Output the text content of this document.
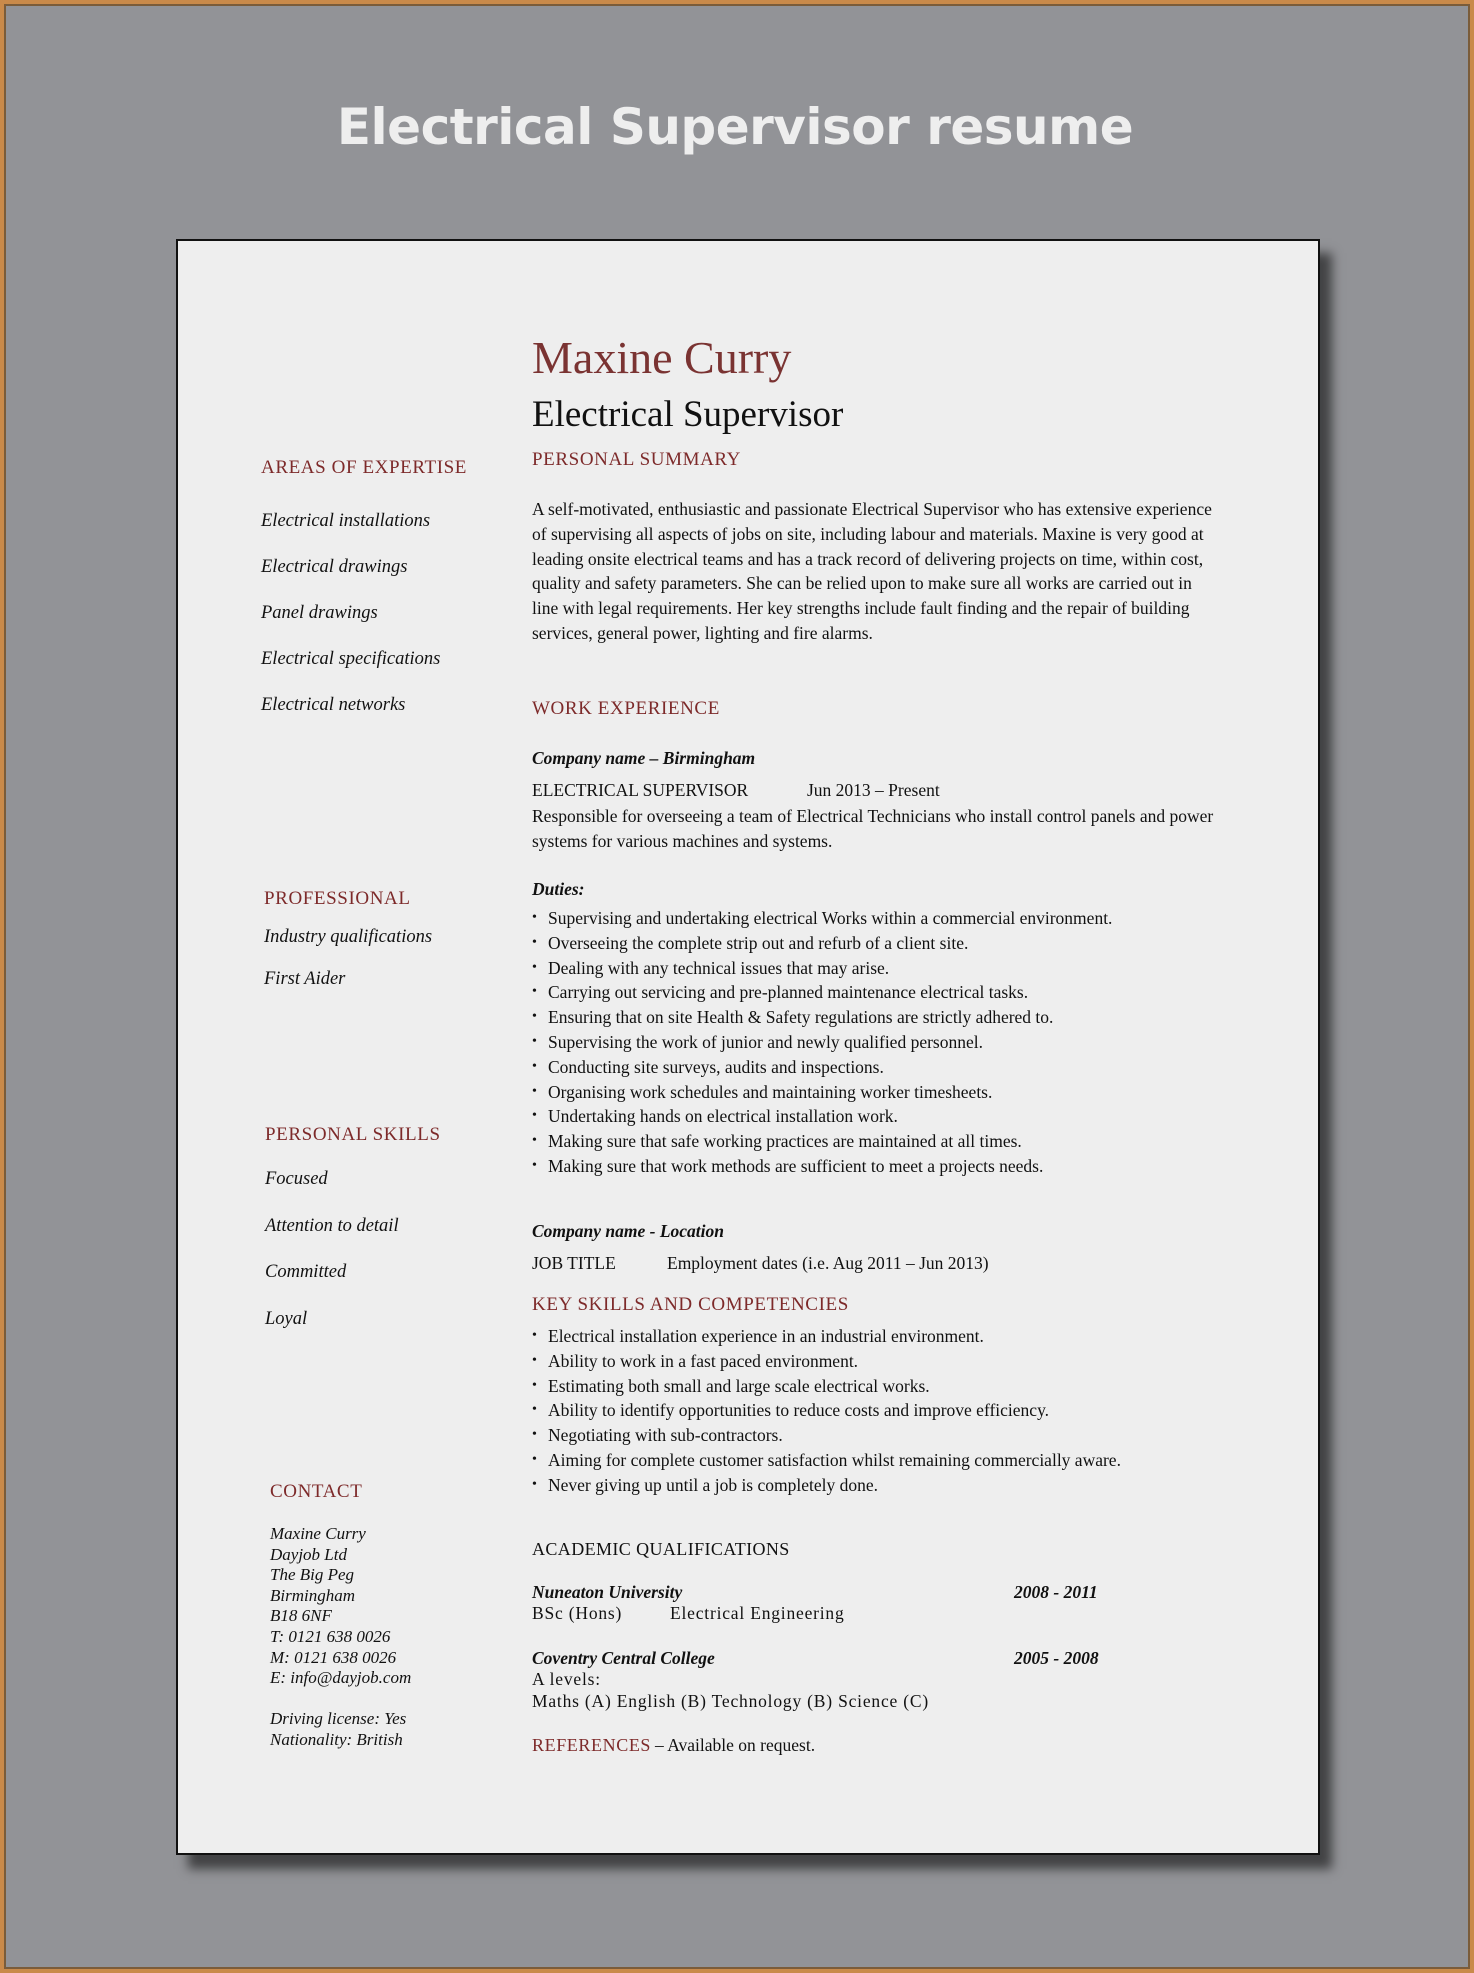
Electrical Supervisor resume
Maxine Curry
Electrical Supervisor
AREAS OF EXPERTISE
Electrical installations
Electrical drawings
Panel drawings
Electrical specifications
Electrical networks
PROFESSIONAL
Industry qualifications
First Aider
PERSONAL SKILLS
Focused
Attention to detail
Committed
Loyal
CONTACT
Maxine Curry
Dayjob Ltd
The Big Peg
Birmingham
B18 6NF
T: 0121 638 0026
M: 0121 638 0026
E: info@dayjob.com
Driving license: Yes
Nationality: British
PERSONAL SUMMARY
A self-motivated, enthusiastic and passionate Electrical Supervisor who has extensive experience of supervising all aspects of jobs on site, including labour and materials. Maxine is very good at leading onsite electrical teams and has a track record of delivering projects on time, within cost, quality and safety parameters. She can be relied upon to make sure all works are carried out in line with legal requirements. Her key strengths include fault finding and the repair of building services, general power, lighting and fire alarms.
WORK EXPERIENCE
Company name – Birmingham
ELECTRICAL SUPERVISOR	Jun 2013 – Present
Responsible for overseeing a team of Electrical Technicians who install control panels and power systems for various machines and systems.
Duties:
• Supervising and undertaking electrical Works within a commercial environment.
• Overseeing the complete strip out and refurb of a client site.
• Dealing with any technical issues that may arise.
• Carrying out servicing and pre-planned maintenance electrical tasks.
• Ensuring that on site Health & Safety regulations are strictly adhered to.
• Supervising the work of junior and newly qualified personnel.
• Conducting site surveys, audits and inspections.
• Organising work schedules and maintaining worker timesheets.
• Undertaking hands on electrical installation work.
• Making sure that safe working practices are maintained at all times.
• Making sure that work methods are sufficient to meet a projects needs.
Company name - Location
JOB TITLE	Employment dates (i.e. Aug 2011 – Jun 2013)
KEY SKILLS AND COMPETENCIES
• Electrical installation experience in an industrial environment.
• Ability to work in a fast paced environment.
• Estimating both small and large scale electrical works.
• Ability to identify opportunities to reduce costs and improve efficiency.
• Negotiating with sub-contractors.
• Aiming for complete customer satisfaction whilst remaining commercially aware.
• Never giving up until a job is completely done.
ACADEMIC QUALIFICATIONS
Nuneaton University	2008 - 2011
BSc (Hons)	Electrical Engineering
Coventry Central College	2005 - 2008
A levels:
Maths (A) English (B) Technology (B) Science (C)
REFERENCES – Available on request.
